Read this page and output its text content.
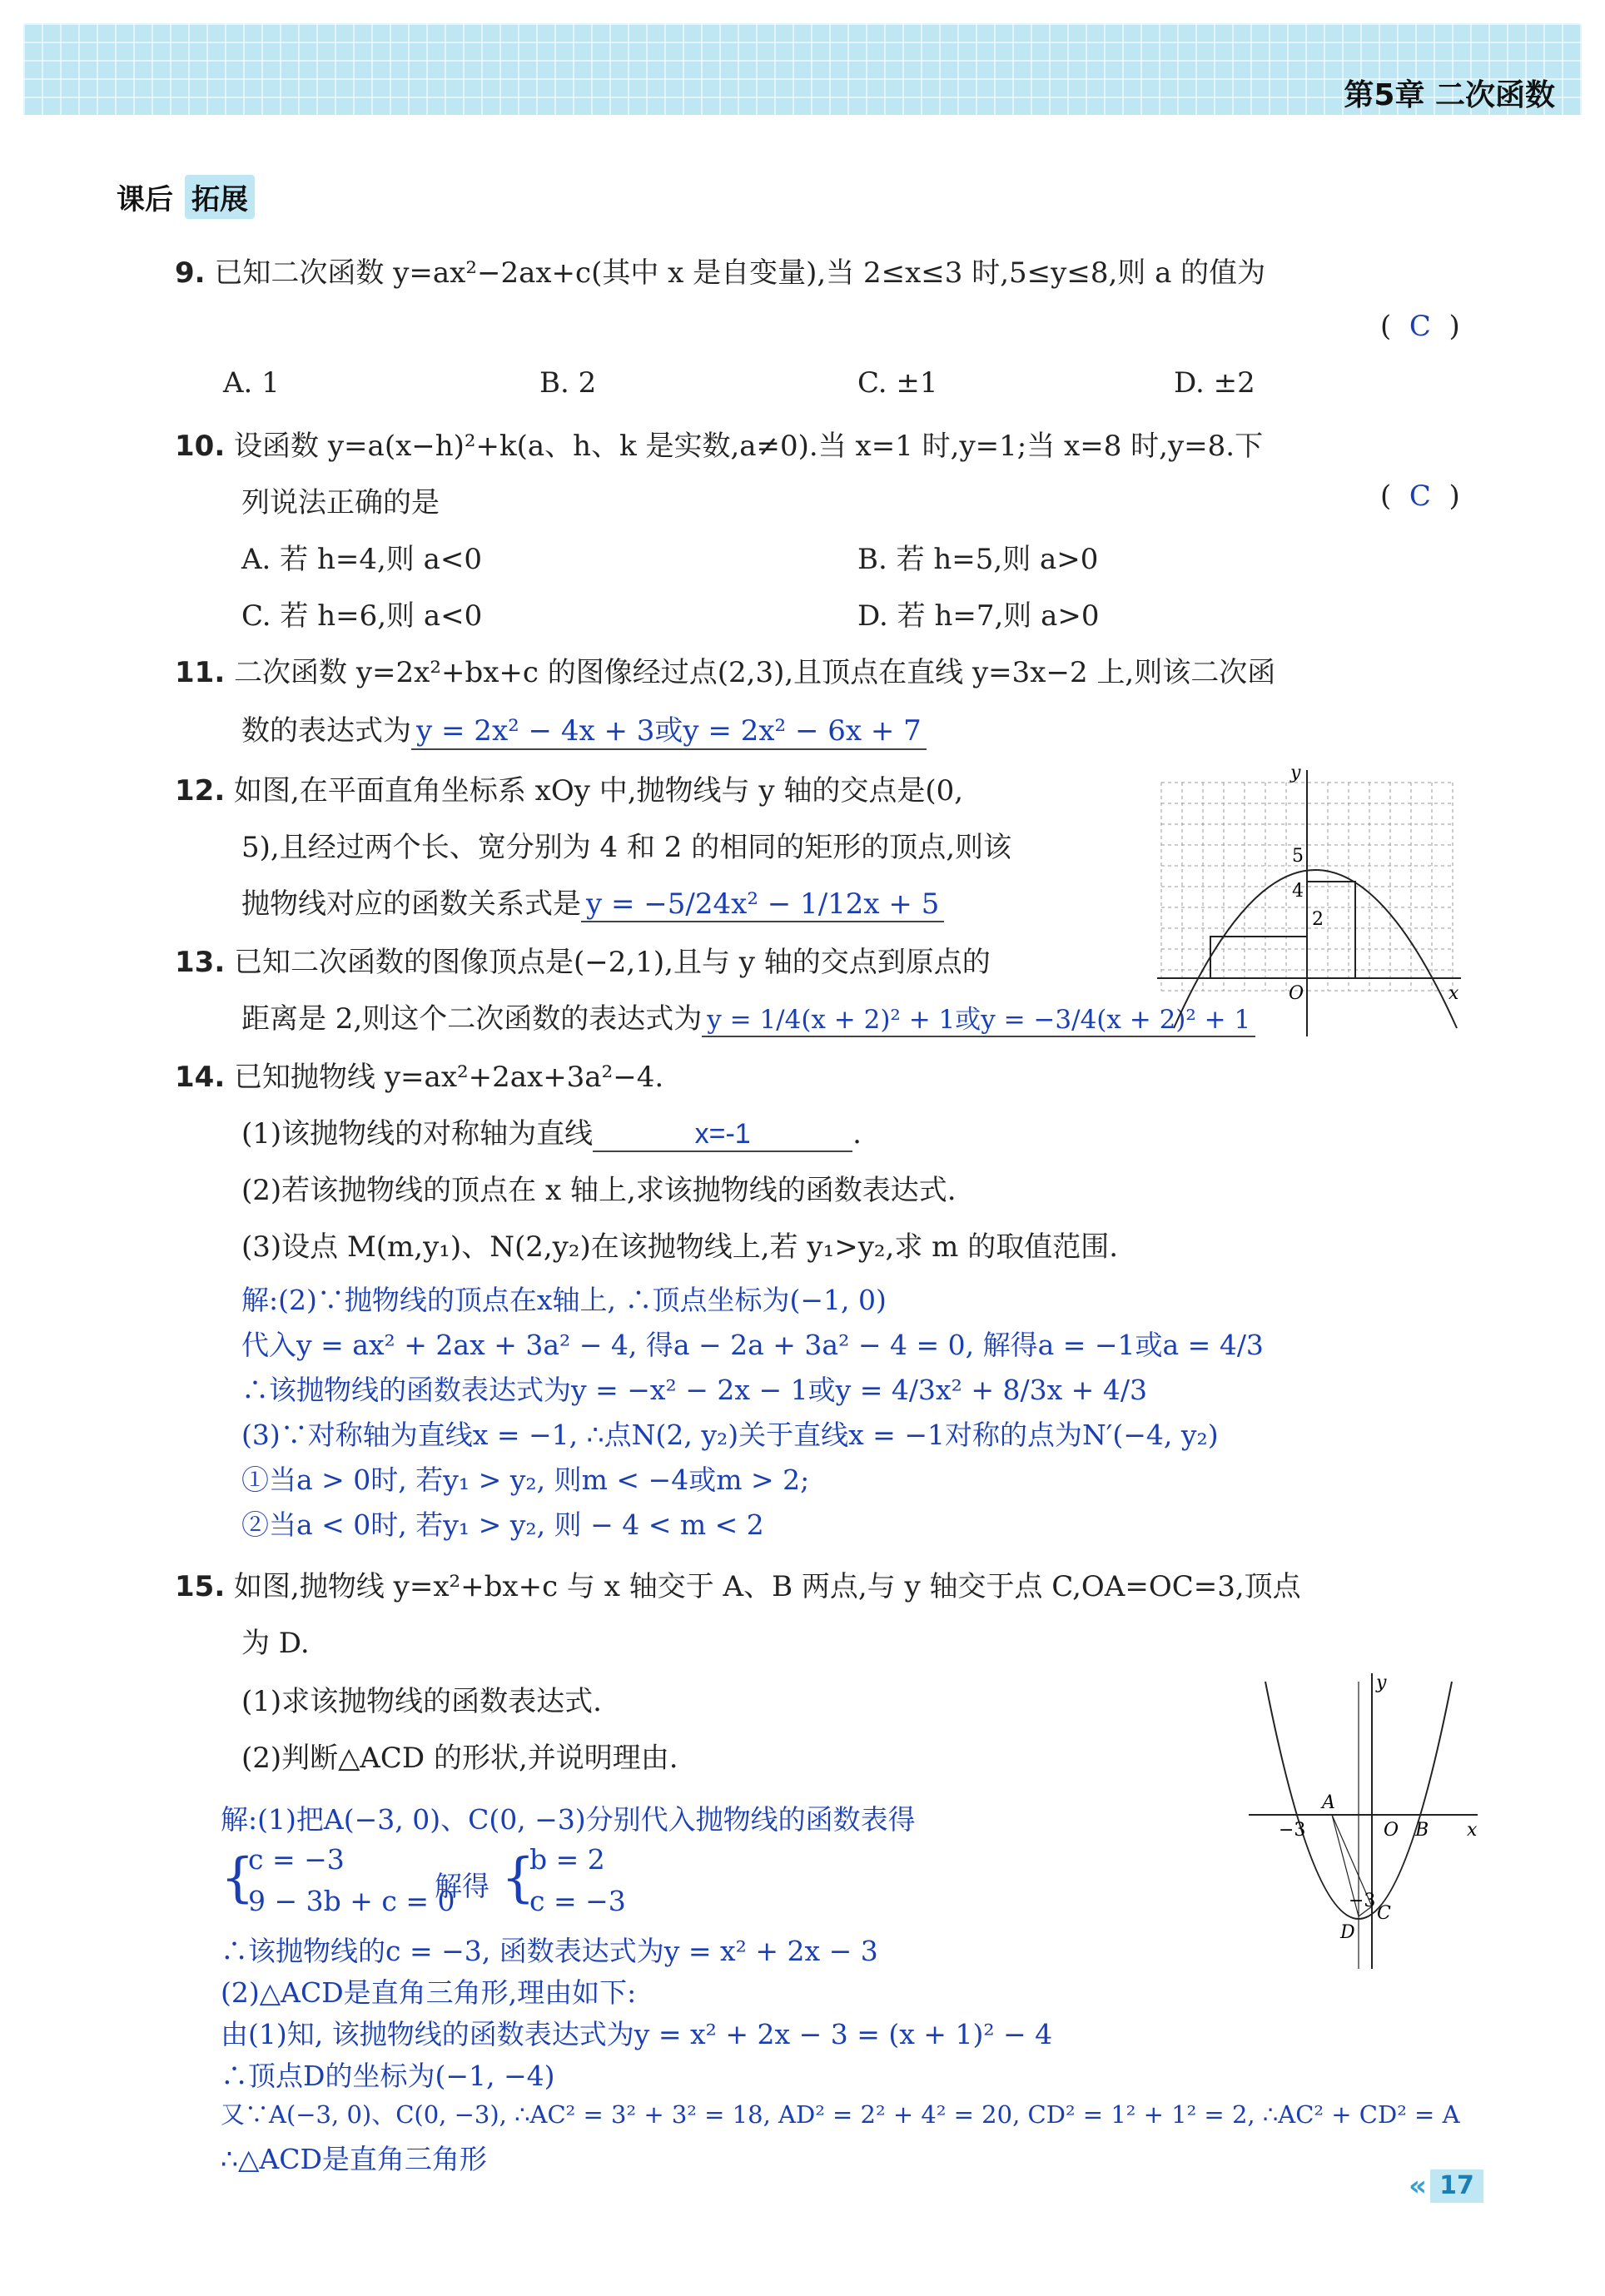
第5章 二次函数
课后 拓展
9. 已知二次函数 y=ax²−2ax+c(其中 x 是自变量),当 2≤x≤3 时,5≤y≤8,则 a 的值为
( C )
A. 1	B. 2	C. ±1	D. ±2
10. 设函数 y=a(x−h)²+k(a、h、k 是实数,a≠0).当 x=1 时,y=1;当 x=8 时,y=8.下
列说法正确的是	( C )
A. 若 h=4,则 a<0	B. 若 h=5,则 a>0
C. 若 h=6,则 a<0	D. 若 h=7,则 a>0
11. 二次函数 y=2x²+bx+c 的图像经过点(2,3),且顶点在直线 y=3x−2 上,则该二次函
数的表达式为 y = 2x² − 4x + 3或y = 2x² − 6x + 7
12. 如图,在平面直角坐标系 xOy 中,抛物线与 y 轴的交点是(0,
5),且经过两个长、宽分别为 4 和 2 的相同的矩形的顶点,则该
抛物线对应的函数关系式是 y = −5/24x² − 1/12x + 5
13. 已知二次函数的图像顶点是(−2,1),且与 y 轴的交点到原点的
距离是 2,则这个二次函数的表达式为 y = 1/4(x + 2)² + 1或y = −3/4(x + 2)² + 1
y
x
O
5
4
2
14. 已知抛物线 y=ax²+2ax+3a²−4.
(1)该抛物线的对称轴为直线	x=-1	.
(2)若该抛物线的顶点在 x 轴上,求该抛物线的函数表达式.
(3)设点 M(m,y₁)、N(2,y₂)在该抛物线上,若 y₁>y₂,求 m 的取值范围.
解:(2)∵抛物线的顶点在x轴上, ∴顶点坐标为(−1, 0)
代入y = ax² + 2ax + 3a² − 4, 得a − 2a + 3a² − 4 = 0, 解得a = −1或a = 4/3
∴该抛物线的函数表达式为y = −x² − 2x − 1或y = 4/3x² + 8/3x + 4/3
(3)∵对称轴为直线x = −1, ∴点N(2, y₂)关于直线x = −1对称的点为N′(−4, y₂)
①当a > 0时, 若y₁ > y₂, 则m < −4或m > 2;
②当a < 0时, 若y₁ > y₂, 则 − 4 < m < 2
15. 如图,抛物线 y=x²+bx+c 与 x 轴交于 A、B 两点,与 y 轴交于点 C,OA=OC=3,顶点
为 D.
(1)求该抛物线的函数表达式.
(2)判断△ACD 的形状,并说明理由.
解:(1)把A(−3, 0)、C(0, −3)分别代入抛物线的函数表得
{
c = −3
9 − 3b + c = 0
解得 {
b = 2
c = −3
∴该抛物线的c = −3, 函数表达式为y = x² + 2x − 3
(2)△ACD是直角三角形,理由如下:
由(1)知, 该抛物线的函数表达式为y = x² + 2x − 3 = (x + 1)² − 4
∴顶点D的坐标为(−1, −4)
又∵A(−3, 0)、C(0, −3), ∴AC² = 3² + 3² = 18, AD² = 2² + 4² = 20, CD² = 1² + 1² = 2, ∴AC² + CD² = A
∴△ACD是直角三角形
y
x
A
B
C
D
O
−3
−3
« 17
